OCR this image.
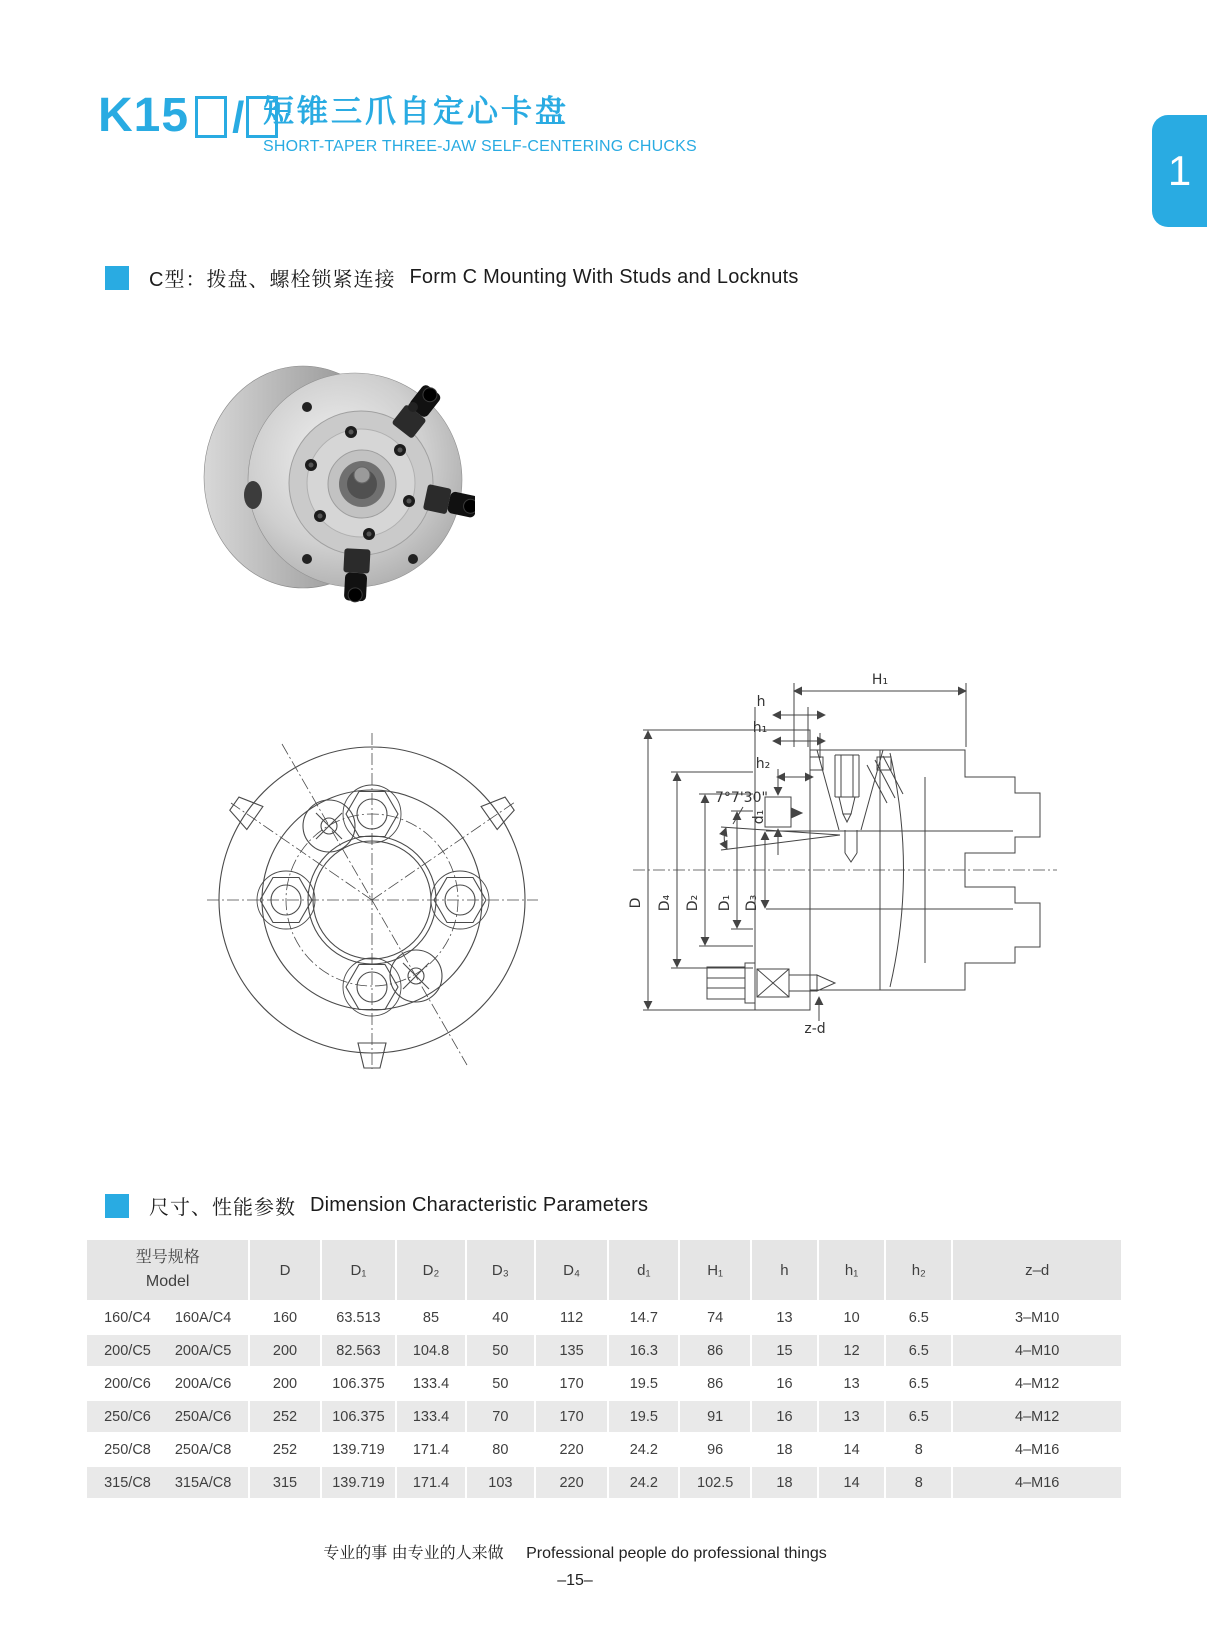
K15 / 短锥三爪自定心卡盘
SHORT-TAPER THREE-JAW SELF-CENTERING CHUCKS
1
C型：拨盘、螺栓锁紧连接 Form C Mounting With Studs and Locknuts
H₁
h
h₁
h₂
7°7'30"
d₁
D D₄ D₂ D₁ D₃
z-d
尺寸、性能参数 Dimension Characteristic Parameters
型号规格
Model	D	D₁	D₂	D₃	D₄	d₁	H₁	h	h₁	h₂	z–d

160/C4 160A/C4	160	63.513	85	40	112	14.7	74	13	10	6.5	3–M10

200/C5 200A/C5	200	82.563	104.8	50	135	16.3	86	15	12	6.5	4–M10

200/C6 200A/C6	200	106.375	133.4	50	170	19.5	86	16	13	6.5	4–M12

250/C6 250A/C6	252	106.375	133.4	70	170	19.5	91	16	13	6.5	4–M12

250/C8 250A/C8	252	139.719	171.4	80	220	24.2	96	18	14	8	4–M16

315/C8 315A/C8	315	139.719	171.4	103	220	24.2	102.5	18	14	8	4–M16
专业的事 由专业的人来做 Professional people do professional things
–15–
